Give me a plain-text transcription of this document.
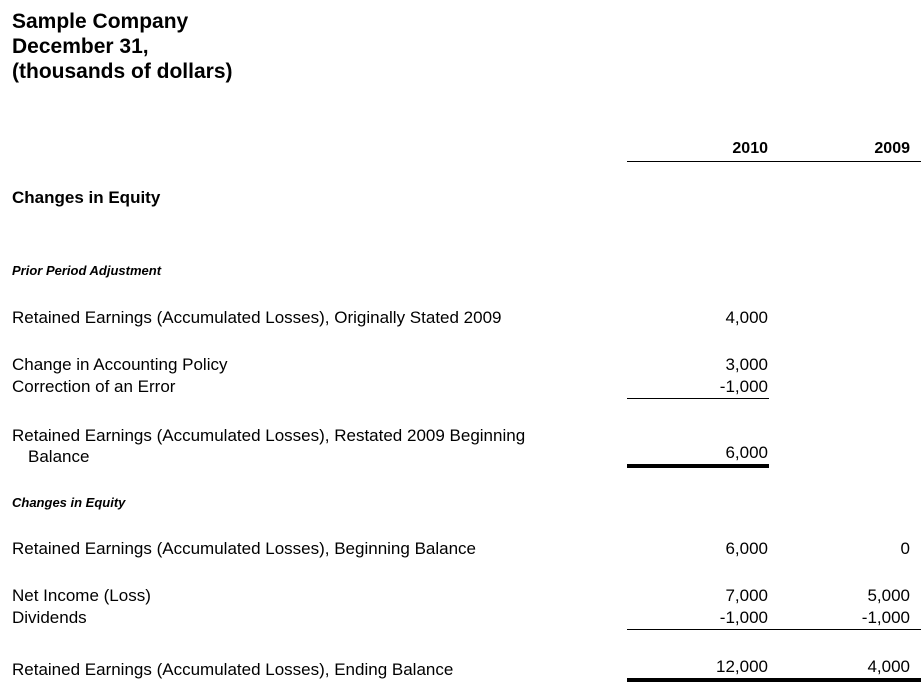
Sample Company
December 31,
(thousands of dollars)
2010	2009
Changes in Equity
Prior Period Adjustment
Retained Earnings (Accumulated Losses), Originally Stated 2009	4,000
Change in Accounting Policy	3,000
Correction of an Error	-1,000
Retained Earnings (Accumulated Losses), Restated 2009 Beginning
Balance	6,000
Changes in Equity
Retained Earnings (Accumulated Losses), Beginning Balance	6,000	0
Net Income (Loss)	7,000	5,000
Dividends	-1,000	-1,000
Retained Earnings (Accumulated Losses), Ending Balance	12,000	4,000
